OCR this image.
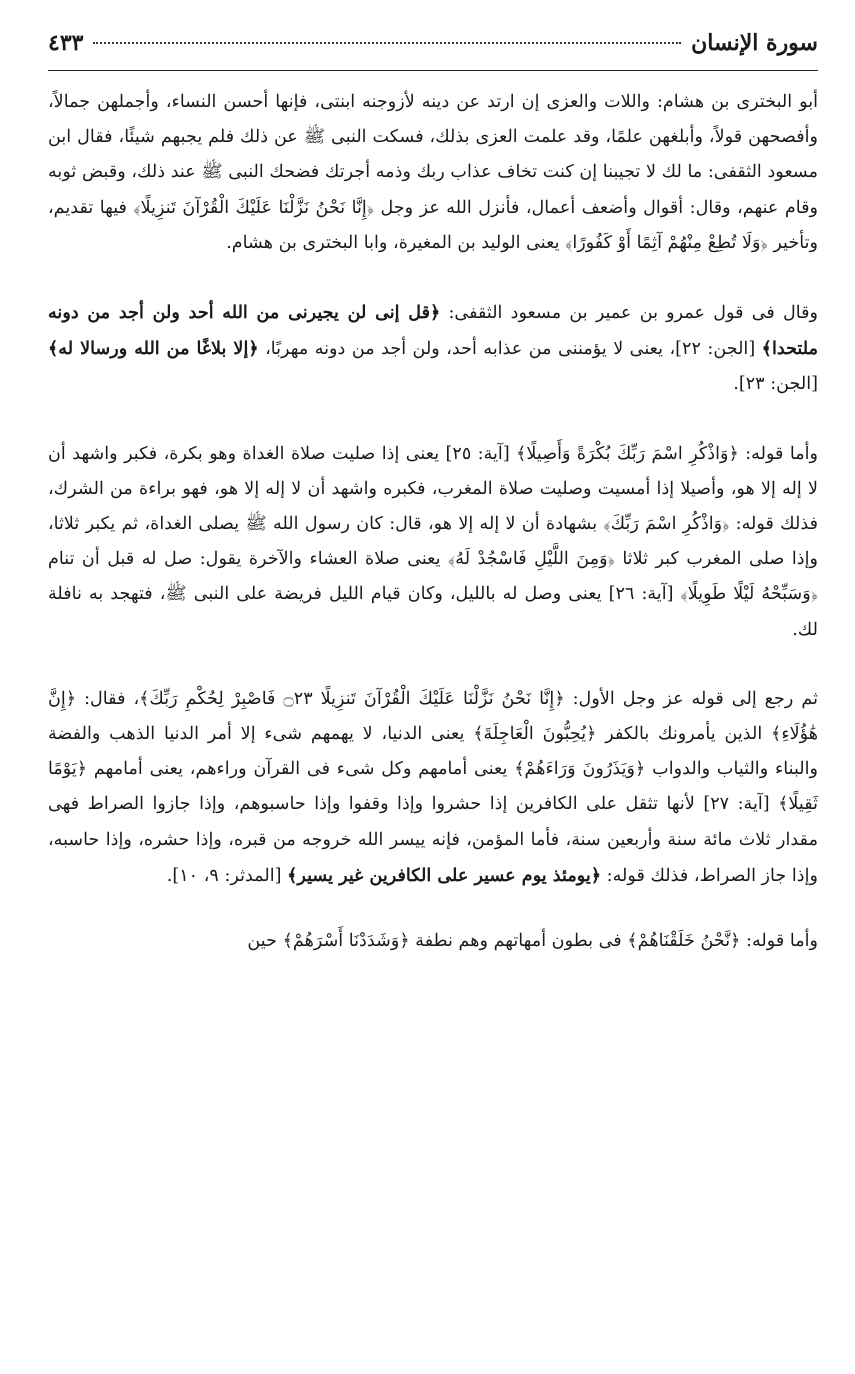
سورة الإنسان
٤٣٣

أبو البخترى بن هشام: واللات والعزى إن ارتد عن دينه لأزوجنه ابنتى، فإنها أحسن النساء، وأجملهن جمالاً، وأفصحهن قولاً، وأبلغهن علمًا، وقد علمت العزى بذلك، فسكت النبى ﷺ عن ذلك فلم يجبهم شيئًا، فقال ابن مسعود الثقفى: ما لك لا تجيبنا إن كنت تخاف عذاب ربك وذمه أجرتك فضحك النبى ﷺ عند ذلك، وقبض ثوبه وقام عنهم، وقال: أقوال وأضعف أعمال، فأنزل الله عز وجل ﴿إِنَّا نَحْنُ نَزَّلْنَا عَلَيْكَ الْقُرْآنَ تَنزِيلًا﴾ فيها تقديم، وتأخير ﴿وَلَا تُطِعْ مِنْهُمْ آثِمًا أَوْ كَفُورًا﴾ يعنى الوليد بن المغيرة، وابا البخترى بن هشام.

وقال فى قول عمرو بن عمير بن مسعود الثقفى: ﴿قل إنى لن يجيرنى من الله أحد ولن أجد من دونه ملتحدا﴾ [الجن: ٢٢]، يعنى لا يؤمننى من عذابه أحد، ولن أجد من دونه مهربًا، ﴿إلا بلاغًا من الله ورسالا له﴾ [الجن: ٢٣].

وأما قوله: ﴿وَاذْكُرِ اسْمَ رَبِّكَ بُكْرَةً وَأَصِيلًا﴾ [آية: ٢٥] يعنى إذا صليت صلاة الغداة وهو بكرة، فكبر واشهد أن لا إله إلا هو، وأصيلا إذا أمسيت وصليت صلاة المغرب، فكبره واشهد أن لا إله إلا هو، فهو براءة من الشرك، فذلك قوله: ﴿وَاذْكُرِ اسْمَ رَبِّكَ﴾ بشهادة أن لا إله إلا هو، قال: كان رسول الله ﷺ يصلى الغداة، ثم يكبر ثلاثا، وإذا صلى المغرب كبر ثلاثا ﴿وَمِنَ اللَّيْلِ فَاسْجُدْ لَهُ﴾ يعنى صلاة العشاء والآخرة يقول: صل له قبل أن تنام ﴿وَسَبِّحْهُ لَيْلًا طَوِيلًا﴾ [آية: ٢٦] يعنى وصل له بالليل، وكان قيام الليل فريضة على النبى ﷺ، فتهجد به نافلة لك.

ثم رجع إلى قوله عز وجل الأول: ﴿إِنَّا نَحْنُ نَزَّلْنَا عَلَيْكَ الْقُرْآنَ تَنزِيلًا ۝٢٣ فَاصْبِرْ لِحُكْمِ رَبِّكَ﴾، فقال: ﴿إِنَّ هَٰؤُلَاءِ﴾ الذين يأمرونك بالكفر ﴿يُحِبُّونَ الْعَاجِلَةَ﴾ يعنى الدنيا، لا يهمهم شىء إلا أمر الدنيا الذهب والفضة والبناء والثياب والدواب ﴿وَيَذَرُونَ وَرَاءَهُمْ﴾ يعنى أمامهم وكل شىء فى القرآن وراءهم، يعنى أمامهم ﴿يَوْمًا ثَقِيلًا﴾ [آية: ٢٧] لأنها تثقل على الكافرين إذا حشروا وإذا وقفوا وإذا حاسبوهم، وإذا جازوا الصراط فهى مقدار ثلاث مائة سنة وأربعين سنة، فأما المؤمن، فإنه ييسر الله خروجه من قبره، وإذا حشره، وإذا حاسبه، وإذا جاز الصراط، فذلك قوله: ﴿يومئذ يوم عسير على الكافرين غير يسير﴾ [المدثر: ٩، ١٠].

وأما قوله: ﴿نَّحْنُ خَلَقْنَاهُمْ﴾ فى بطون أمهاتهم وهم نطفة ﴿وَشَدَدْنَا أَسْرَهُمْ﴾ حين
